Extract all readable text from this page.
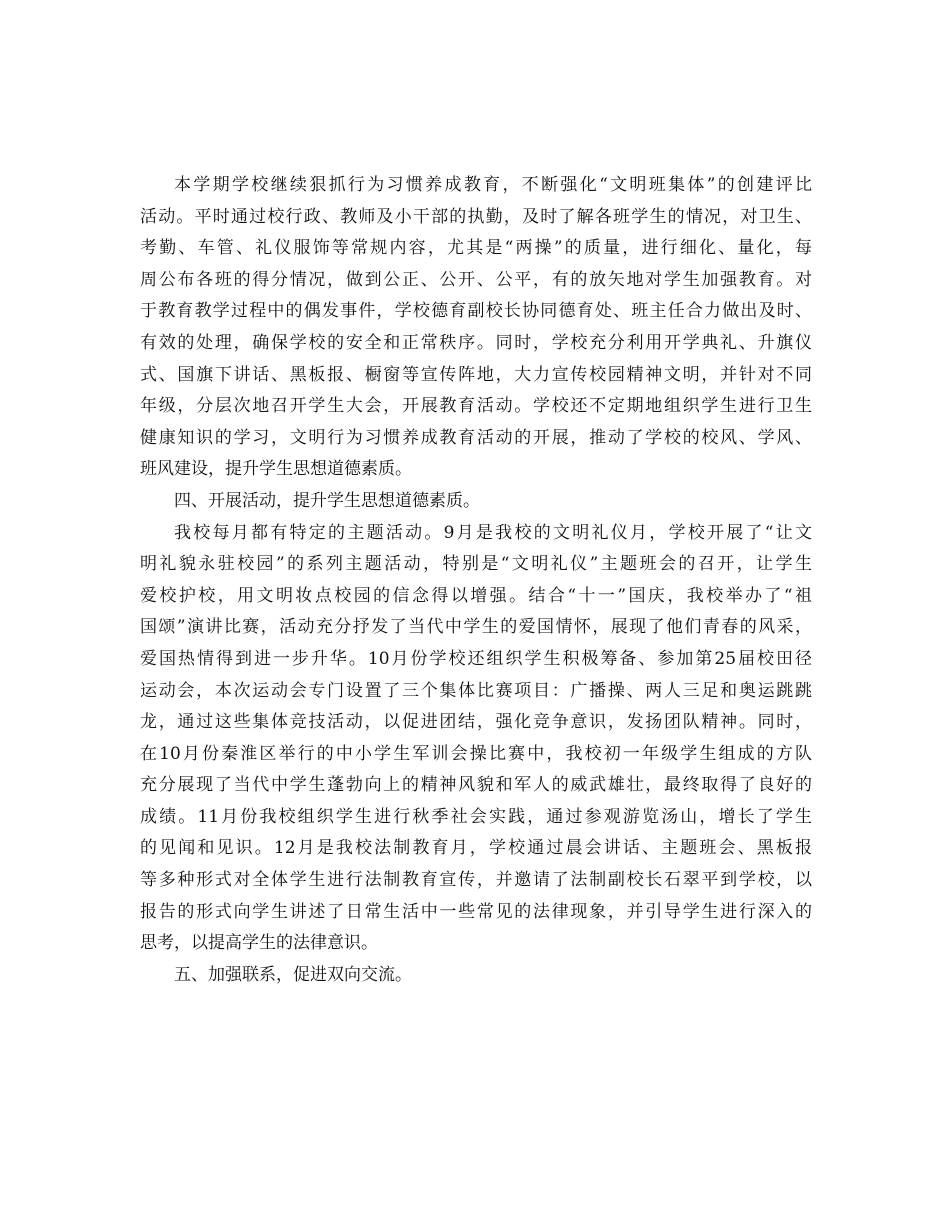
本学期学校继续狠抓行为习惯养成教育，不断强化“文明班集体”的创建评比
活动。平时通过校行政、教师及小干部的执勤，及时了解各班学生的情况，对卫生、
考勤、车管、礼仪服饰等常规内容，尤其是“两操”的质量，进行细化、量化，每
周公布各班的得分情况，做到公正、公开、公平，有的放矢地对学生加强教育。对
于教育教学过程中的偶发事件，学校德育副校长协同德育处、班主任合力做出及时、
有效的处理，确保学校的安全和正常秩序。同时，学校充分利用开学典礼、升旗仪
式、国旗下讲话、黑板报、橱窗等宣传阵地，大力宣传校园精神文明，并针对不同
年级，分层次地召开学生大会，开展教育活动。学校还不定期地组织学生进行卫生
健康知识的学习，文明行为习惯养成教育活动的开展，推动了学校的校风、学风、
班风建设，提升学生思想道德素质。
四、开展活动，提升学生思想道德素质。
我校每月都有特定的主题活动。9月是我校的文明礼仪月，学校开展了“让文
明礼貌永驻校园”的系列主题活动，特别是“文明礼仪”主题班会的召开，让学生
爱校护校，用文明妆点校园的信念得以增强。结合“十一”国庆，我校举办了“祖
国颂”演讲比赛，活动充分抒发了当代中学生的爱国情怀，展现了他们青春的风采，
爱国热情得到进一步升华。10月份学校还组织学生积极筹备、参加第25届校田径
运动会，本次运动会专门设置了三个集体比赛项目：广播操、两人三足和奥运跳跳
龙，通过这些集体竞技活动，以促进团结，强化竞争意识，发扬团队精神。同时，
在10月份秦淮区举行的中小学生军训会操比赛中，我校初一年级学生组成的方队
充分展现了当代中学生蓬勃向上的精神风貌和军人的威武雄壮，最终取得了良好的
成绩。11月份我校组织学生进行秋季社会实践，通过参观游览汤山，增长了学生
的见闻和见识。12月是我校法制教育月，学校通过晨会讲话、主题班会、黑板报
等多种形式对全体学生进行法制教育宣传，并邀请了法制副校长石翠平到学校，以
报告的形式向学生讲述了日常生活中一些常见的法律现象，并引导学生进行深入的
思考，以提高学生的法律意识。
五、加强联系，促进双向交流。
